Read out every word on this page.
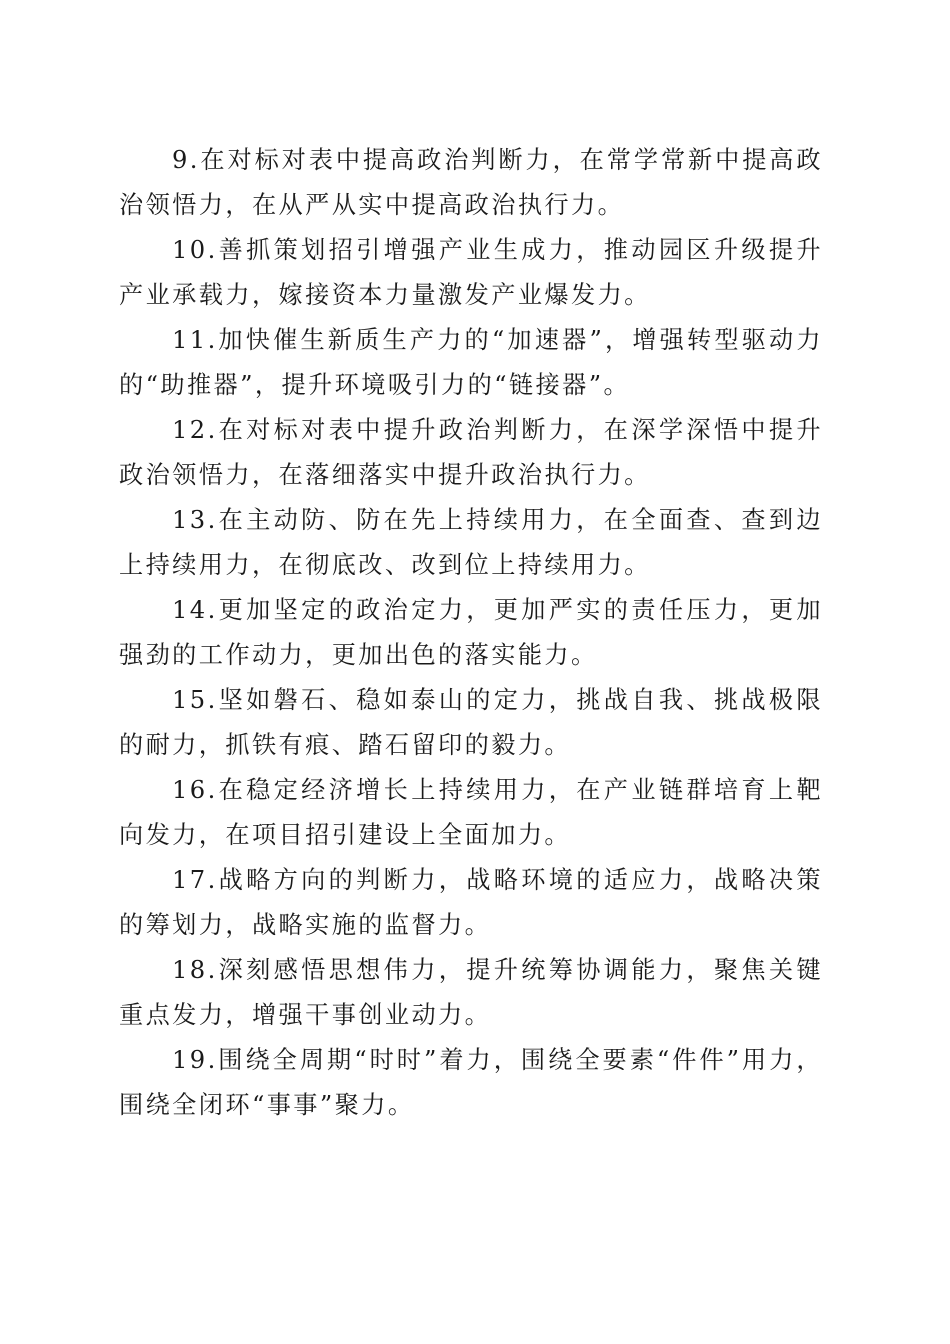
9.在对标对表中提高政治判断力，在常学常新中提高政治领悟力，在从严从实中提高政治执行力。

10.善抓策划招引增强产业生成力，推动园区升级提升产业承载力，嫁接资本力量激发产业爆发力。

11.加快催生新质生产力的“加速器”，增强转型驱动力的“助推器”，提升环境吸引力的“链接器”。

12.在对标对表中提升政治判断力，在深学深悟中提升政治领悟力，在落细落实中提升政治执行力。

13.在主动防、防在先上持续用力，在全面查、查到边上持续用力，在彻底改、改到位上持续用力。

14.更加坚定的政治定力，更加严实的责任压力，更加强劲的工作动力，更加出色的落实能力。

15.坚如磐石、稳如泰山的定力，挑战自我、挑战极限的耐力，抓铁有痕、踏石留印的毅力。

16.在稳定经济增长上持续用力，在产业链群培育上靶向发力，在项目招引建设上全面加力。

17.战略方向的判断力，战略环境的适应力，战略决策的筹划力，战略实施的监督力。

18.深刻感悟思想伟力，提升统筹协调能力，聚焦关键重点发力，增强干事创业动力。

19.围绕全周期“时时”着力，围绕全要素“件件”用力，围绕全闭环“事事”聚力。
